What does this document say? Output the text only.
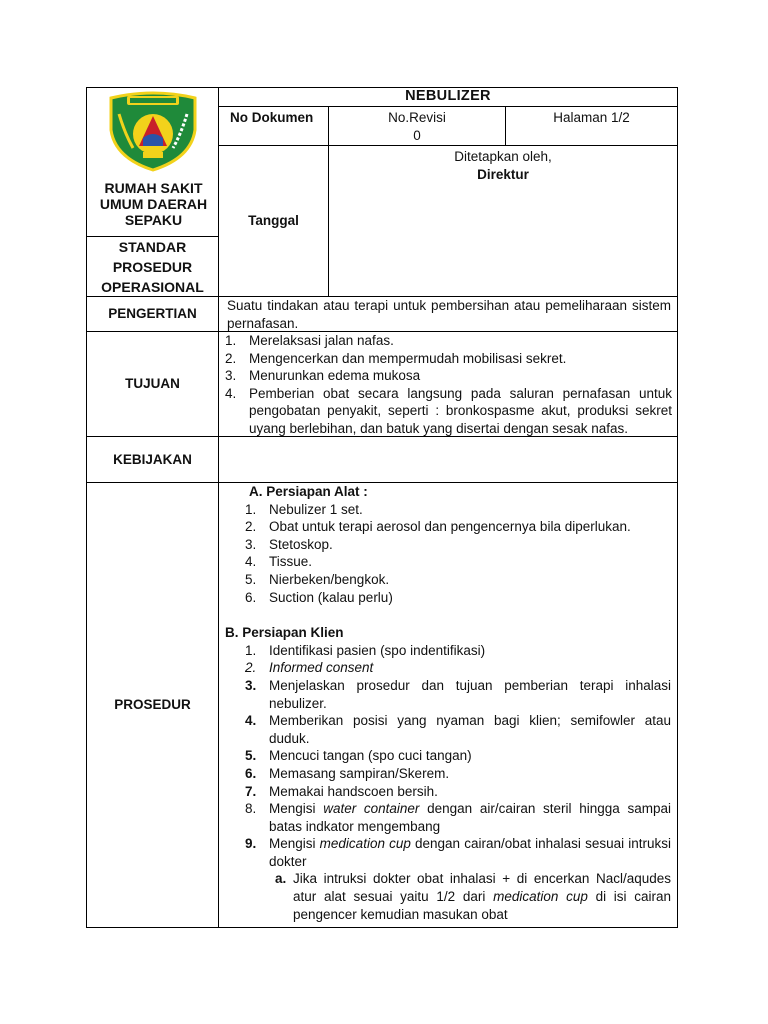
RUMAH SAKIT
UMUM DAERAH
SEPAKU
STANDAR
PROSEDUR
OPERASIONAL
NEBULIZER
No Dokumen	No.Revisi
0
Halaman 1/2
Tanggal
Ditetapkan oleh,
Direktur
PENGERTIAN
Suatu tindakan atau terapi untuk pembersihan atau pemeliharaan sistem pernafasan.
TUJUAN
1. Merelaksasi jalan nafas.
2. Mengencerkan dan mempermudah mobilisasi sekret.
3. Menurunkan edema mukosa
4. Pemberian obat secara langsung pada saluran pernafasan untuk pengobatan penyakit, seperti : bronkospasme akut, produksi sekret uyang berlebihan, dan batuk yang disertai dengan sesak nafas.
KEBIJAKAN
PROSEDUR
A. Persiapan Alat :
1. Nebulizer 1 set.
2. Obat untuk terapi aerosol dan pengencernya bila diperlukan.
3. Stetoskop.
4. Tissue.
5. Nierbeken/bengkok.
6. Suction (kalau perlu)
B. Persiapan Klien
1. Identifikasi pasien (spo indentifikasi)
2. Informed consent
3. Menjelaskan prosedur dan tujuan pemberian terapi inhalasi nebulizer.
4. Memberikan posisi yang nyaman bagi klien; semifowler atau duduk.
5. Mencuci tangan (spo cuci tangan)
6. Memasang sampiran/Skerem.
7. Memakai handscoen bersih.
8. Mengisi water container dengan air/cairan steril hingga sampai batas indkator mengembang
9. Mengisi medication cup dengan cairan/obat inhalasi sesuai intruksi dokter
a. Jika intruksi dokter obat inhalasi + di encerkan Nacl/aqudes atur alat sesuai yaitu 1/2 dari medication cup di isi cairan pengencer kemudian masukan obat
